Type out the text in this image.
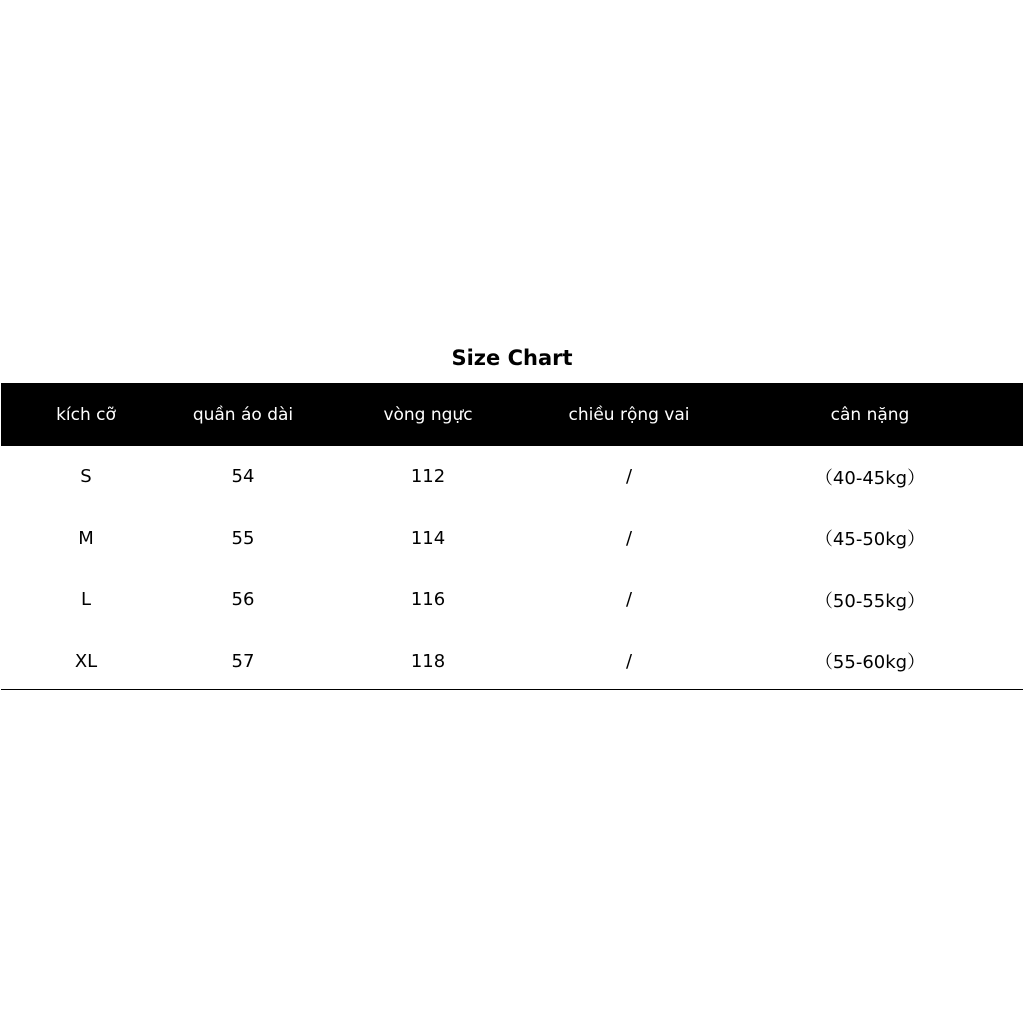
Size Chart
kích cỡ	quần áo dài	vòng ngực	chiều rộng vai	cân nặng
S	54	112	/	（40-45kg）
M	55	114	/	（45-50kg）
L	56	116	/	（50-55kg）
XL	57	118	/	（55-60kg）
